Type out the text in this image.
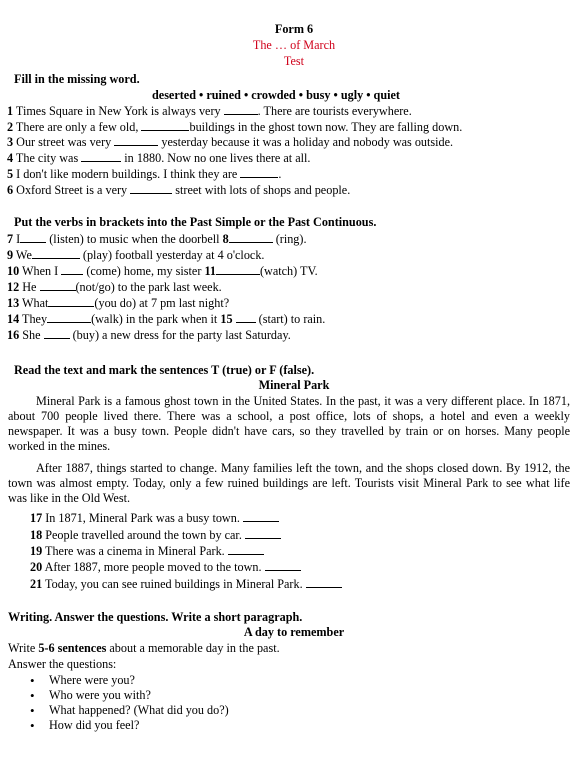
Form 6
The … of March
Test
Fill in the missing word.
deserted • ruined • crowded • busy • ugly • quiet
1 Times Square in New York is always very	. There are tourists everywhere.
2 There are only a few old,	buildings in the ghost town now. They are falling down.
3 Our street was very	yesterday because it was a holiday and nobody was outside.
4 The city was	in 1880. Now no one lives there at all.
5 I don't like modern buildings. I think they are	.
6 Oxford Street is a very	street with lots of shops and people.
Put the verbs in brackets into the Past Simple or the Past Continuous.
7 I (listen) to music when the doorbell 8	(ring).
9 We	(play) football yesterday at 4 o'clock.
10 When I (come) home, my sister 11	(watch) TV.
12 He	(not/go) to the park last week.
13 What	(you do) at 7 pm last night?
14 They	(walk) in the park when it 15 (start) to rain.
16 She	(buy) a new dress for the party last Saturday.
Read the text and mark the sentences T (true) or F (false).
Mineral Park
Mineral Park is a famous ghost town in the United States. In the past, it was a very different place. In 1871, about 700 people lived there. There was a school, a post office, lots of shops, a hotel and even a weekly newspaper. It was a busy town. People didn't have cars, so they travelled by train or on horses. Many people worked in the mines.
After 1887, things started to change. Many families left the town, and the shops closed down. By 1912, the town was almost empty. Today, only a few ruined buildings are left. Tourists visit Mineral Park to see what life was like in the Old West.
17 In 1871, Mineral Park was a busy town.
18 People travelled around the town by car.
19 There was a cinema in Mineral Park.
20 After 1887, more people moved to the town.
21 Today, you can see ruined buildings in Mineral Park.
Writing. Answer the questions. Write a short paragraph.
A day to remember
Write 5-6 sentences about a memorable day in the past.
Answer the questions:
• Where were you?
• Who were you with?
• What happened? (What did you do?)
• How did you feel?
